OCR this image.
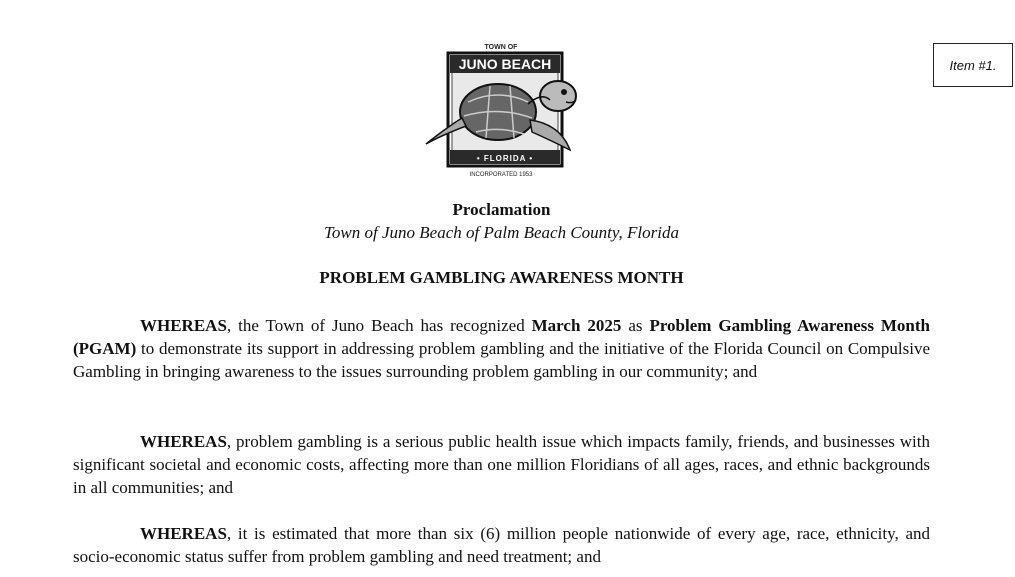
Item #1.
TOWN OF
JUNO BEACH
• FLORIDA •
INCORPORATED 1953
Proclamation
Town of Juno Beach of Palm Beach County, Florida
PROBLEM GAMBLING AWARENESS MONTH

WHEREAS, the Town of Juno Beach has recognized March 2025 as Problem Gambling Awareness Month (PGAM) to demonstrate its support in addressing problem gambling and the initiative of the Florida Council on Compulsive Gambling in bringing awareness to the issues surrounding problem gambling in our community; and

WHEREAS, problem gambling is a serious public health issue which impacts family, friends, and businesses with significant societal and economic costs, affecting more than one million Floridians of all ages, races, and ethnic backgrounds in all communities; and

WHEREAS, it is estimated that more than six (6) million people nationwide of every age, race, ethnicity, and socio-economic status suffer from problem gambling and need treatment; and
